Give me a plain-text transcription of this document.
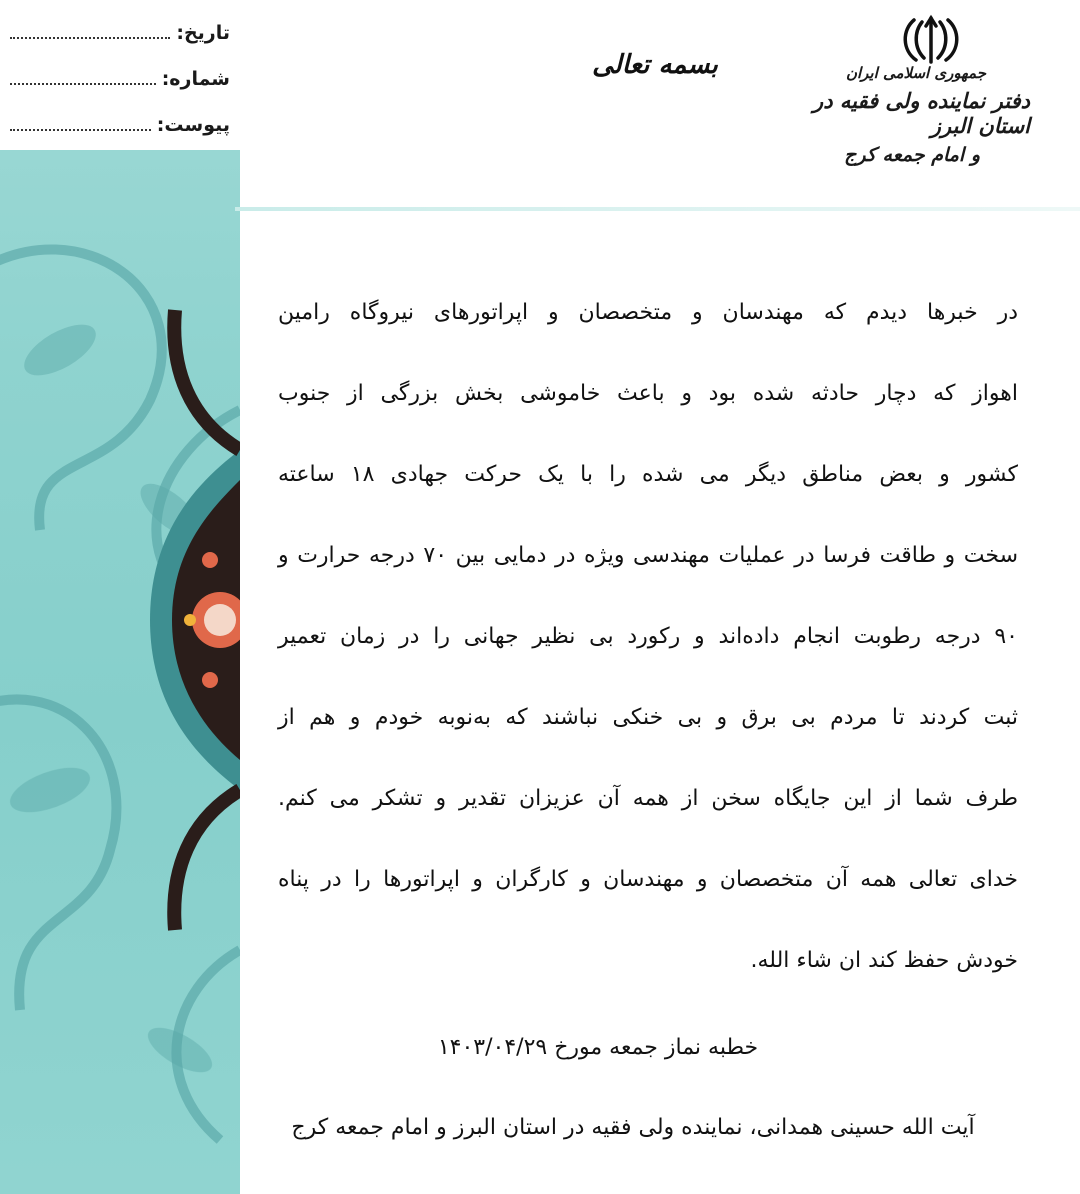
تاریخ:
شماره:
پیوست:
بسمه تعالی	جمهوری اسلامی ایران
دفتر نماینده ولی فقیه در استان البرز
و امام جمعه کرج
در خبرها دیدم که مهندسان و متخصصان و اپراتورهای نیروگاه رامین
اهواز که دچار حادثه شده بود و باعث خاموشی بخش بزرگی از جنوب
کشور و بعض مناطق دیگر می شده را با یک حرکت جهادی ۱۸ ساعته
سخت و طاقت فرسا در عملیات مهندسی ویژه در دمایی بین ۷۰ درجه حرارت و
۹۰ درجه رطوبت انجام داده‌اند و رکورد بی نظیر جهانی را در زمان تعمیر
ثبت کردند تا مردم بی برق و بی خنکی نباشند که به‌نوبه خودم و هم از
طرف شما از این جایگاه سخن از همه آن عزیزان تقدیر و تشکر می کنم.
خدای تعالی همه آن متخصصان و مهندسان و کارگران و اپراتورها را در پناه
خودش حفظ کند ان شاء الله.
خطبه نماز جمعه مورخ ۱۴۰۳/۰۴/۲۹
آیت الله حسینی همدانی، نماینده ولی فقیه در استان البرز و امام جمعه کرج
